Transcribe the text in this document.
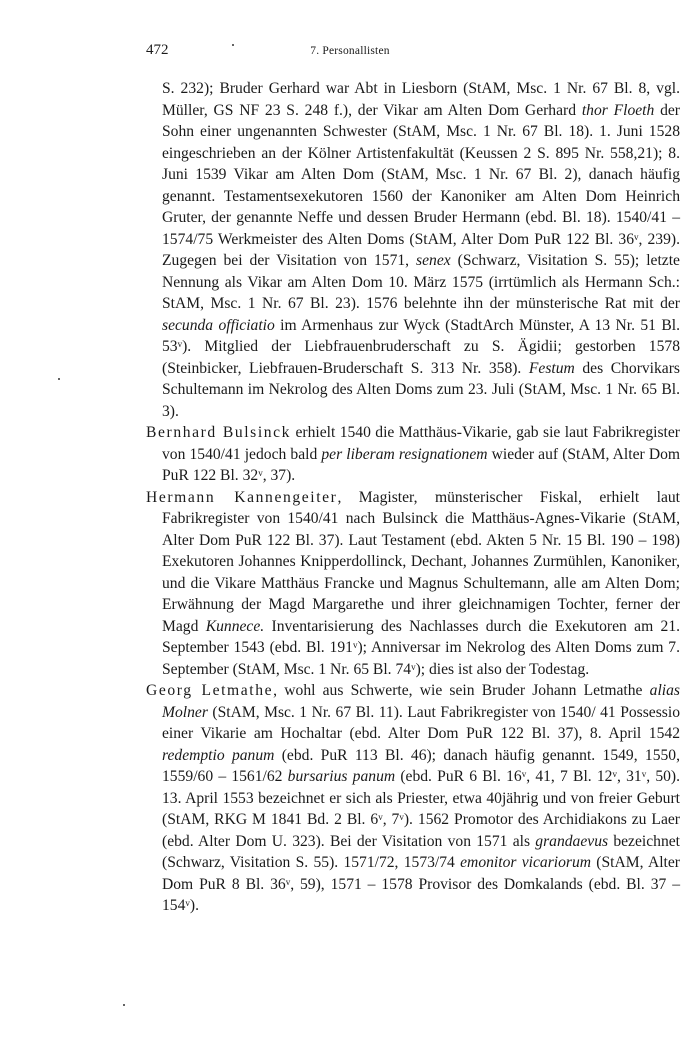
472	7. Personallisten

S. 232); Bruder Gerhard war Abt in Liesborn (StAM, Msc. 1 Nr. 67 Bl. 8, vgl. Müller, GS NF 23 S. 248 f.), der Vikar am Alten Dom Gerhard thor Floeth der Sohn einer ungenannten Schwester (StAM, Msc. 1 Nr. 67 Bl. 18). 1. Juni 1528 eingeschrieben an der Kölner Artistenfakultät (Keussen 2 S. 895 Nr. 558,21); 8. Juni 1539 Vikar am Alten Dom (StAM, Msc. 1 Nr. 67 Bl. 2), danach häufig genannt. Testamentsexekutoren 1560 der Kanoniker am Alten Dom Heinrich Gruter, der genannte Neffe und dessen Bruder Hermann (ebd. Bl. 18). 1540/41 – 1574/75 Werkmeister des Alten Doms (StAM, Alter Dom PuR 122 Bl. 36$^v$, 239). Zugegen bei der Visitation von 1571, senex (Schwarz, Visitation S. 55); letzte Nennung als Vikar am Alten Dom 10. März 1575 (irrtümlich als Hermann Sch.: StAM, Msc. 1 Nr. 67 Bl. 23). 1576 belehnte ihn der münsterische Rat mit der secunda officiatio im Armenhaus zur Wyck (StadtArch Münster, A 13 Nr. 51 Bl. 53$^v$). Mitglied der Liebfrauenbruderschaft zu S. Ägidii; gestorben 1578 (Steinbicker, Liebfrauen-Bruderschaft S. 313 Nr. 358). Festum des Chorvikars Schultemann im Nekrolog des Alten Doms zum 23. Juli (StAM, Msc. 1 Nr. 65 Bl. 3).

Bernhard Bulsinck erhielt 1540 die Matthäus-Vikarie, gab sie laut Fabrikregister von 1540/41 jedoch bald per liberam resignationem wieder auf (StAM, Alter Dom PuR 122 Bl. 32$^v$, 37).

Hermann Kannengeiter, Magister, münsterischer Fiskal, erhielt laut Fabrikregister von 1540/41 nach Bulsinck die Matthäus-Agnes-Vikarie (StAM, Alter Dom PuR 122 Bl. 37). Laut Testament (ebd. Akten 5 Nr. 15 Bl. 190 – 198) Exekutoren Johannes Knipperdollinck, Dechant, Johannes Zurmühlen, Kanoniker, und die Vikare Matthäus Francke und Magnus Schultemann, alle am Alten Dom; Erwähnung der Magd Margarethe und ihrer gleichnamigen Tochter, ferner der Magd Kunnece. Inventarisierung des Nachlasses durch die Exekutoren am 21. September 1543 (ebd. Bl. 191$^v$); Anniversar im Nekrolog des Alten Doms zum 7. September (StAM, Msc. 1 Nr. 65 Bl. 74$^v$); dies ist also der Todestag.

Georg Letmathe, wohl aus Schwerte, wie sein Bruder Johann Letmathe alias Molner (StAM, Msc. 1 Nr. 67 Bl. 11). Laut Fabrikregister von 1540/ 41 Possessio einer Vikarie am Hochaltar (ebd. Alter Dom PuR 122 Bl. 37), 8. April 1542 redemptio panum (ebd. PuR 113 Bl. 46); danach häufig genannt. 1549, 1550, 1559/60 – 1561/62 bursarius panum (ebd. PuR 6 Bl. 16$^v$, 41, 7 Bl. 12$^v$, 31$^v$, 50). 13. April 1553 bezeichnet er sich als Priester, etwa 40jährig und von freier Geburt (StAM, RKG M 1841 Bd. 2 Bl. 6$^v$, 7$^v$). 1562 Promotor des Archidiakons zu Laer (ebd. Alter Dom U. 323). Bei der Visitation von 1571 als grandaevus bezeichnet (Schwarz, Visitation S. 55). 1571/72, 1573/74 emonitor vicariorum (StAM, Alter Dom PuR 8 Bl. 36$^v$, 59), 1571 – 1578 Provisor des Domkalands (ebd. Bl. 37 – 154$^v$).
